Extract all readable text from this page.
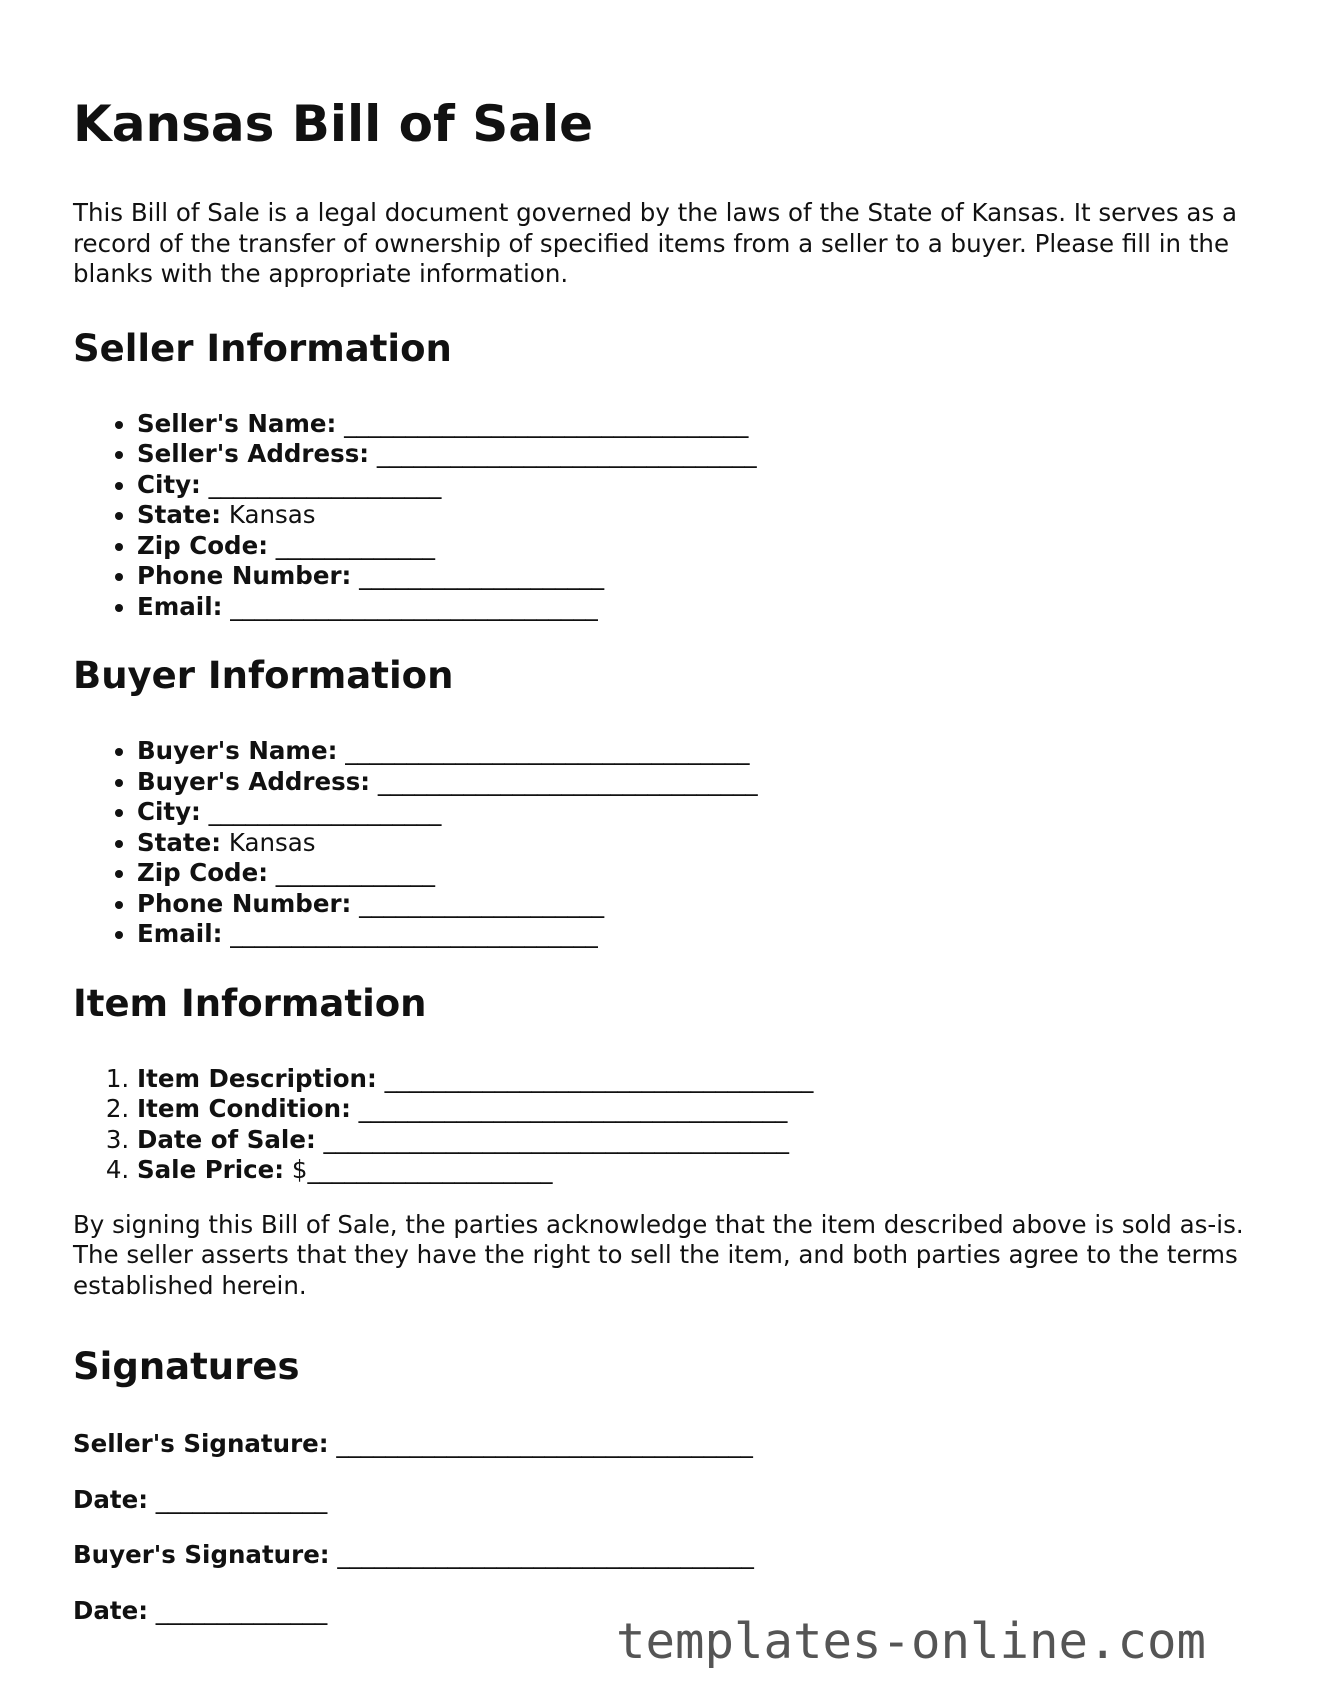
Kansas Bill of Sale

This Bill of Sale is a legal document governed by the laws of the State of Kansas. It serves as a record of the transfer of ownership of specified items from a seller to a buyer. Please fill in the blanks with the appropriate information.

Seller Information
• Seller's Name: _________________________________
• Seller's Address: _______________________________
• City: ___________________
• State: Kansas
• Zip Code: _____________
• Phone Number: ____________________
• Email: ______________________________
Buyer Information
• Buyer's Name: _________________________________
• Buyer's Address: _______________________________
• City: ___________________
• State: Kansas
• Zip Code: _____________
• Phone Number: ____________________
• Email: ______________________________
Item Information
1. Item Description: ___________________________________
2. Item Condition: ___________________________________
3. Date of Sale: ______________________________________
4. Sale Price: $____________________

By signing this Bill of Sale, the parties acknowledge that the item described above is sold as-is. The seller asserts that they have the right to sell the item, and both parties agree to the terms established herein.

Signatures

Seller's Signature: __________________________________

Date: ______________

Buyer's Signature: __________________________________

Date: ______________

templates-online.com
